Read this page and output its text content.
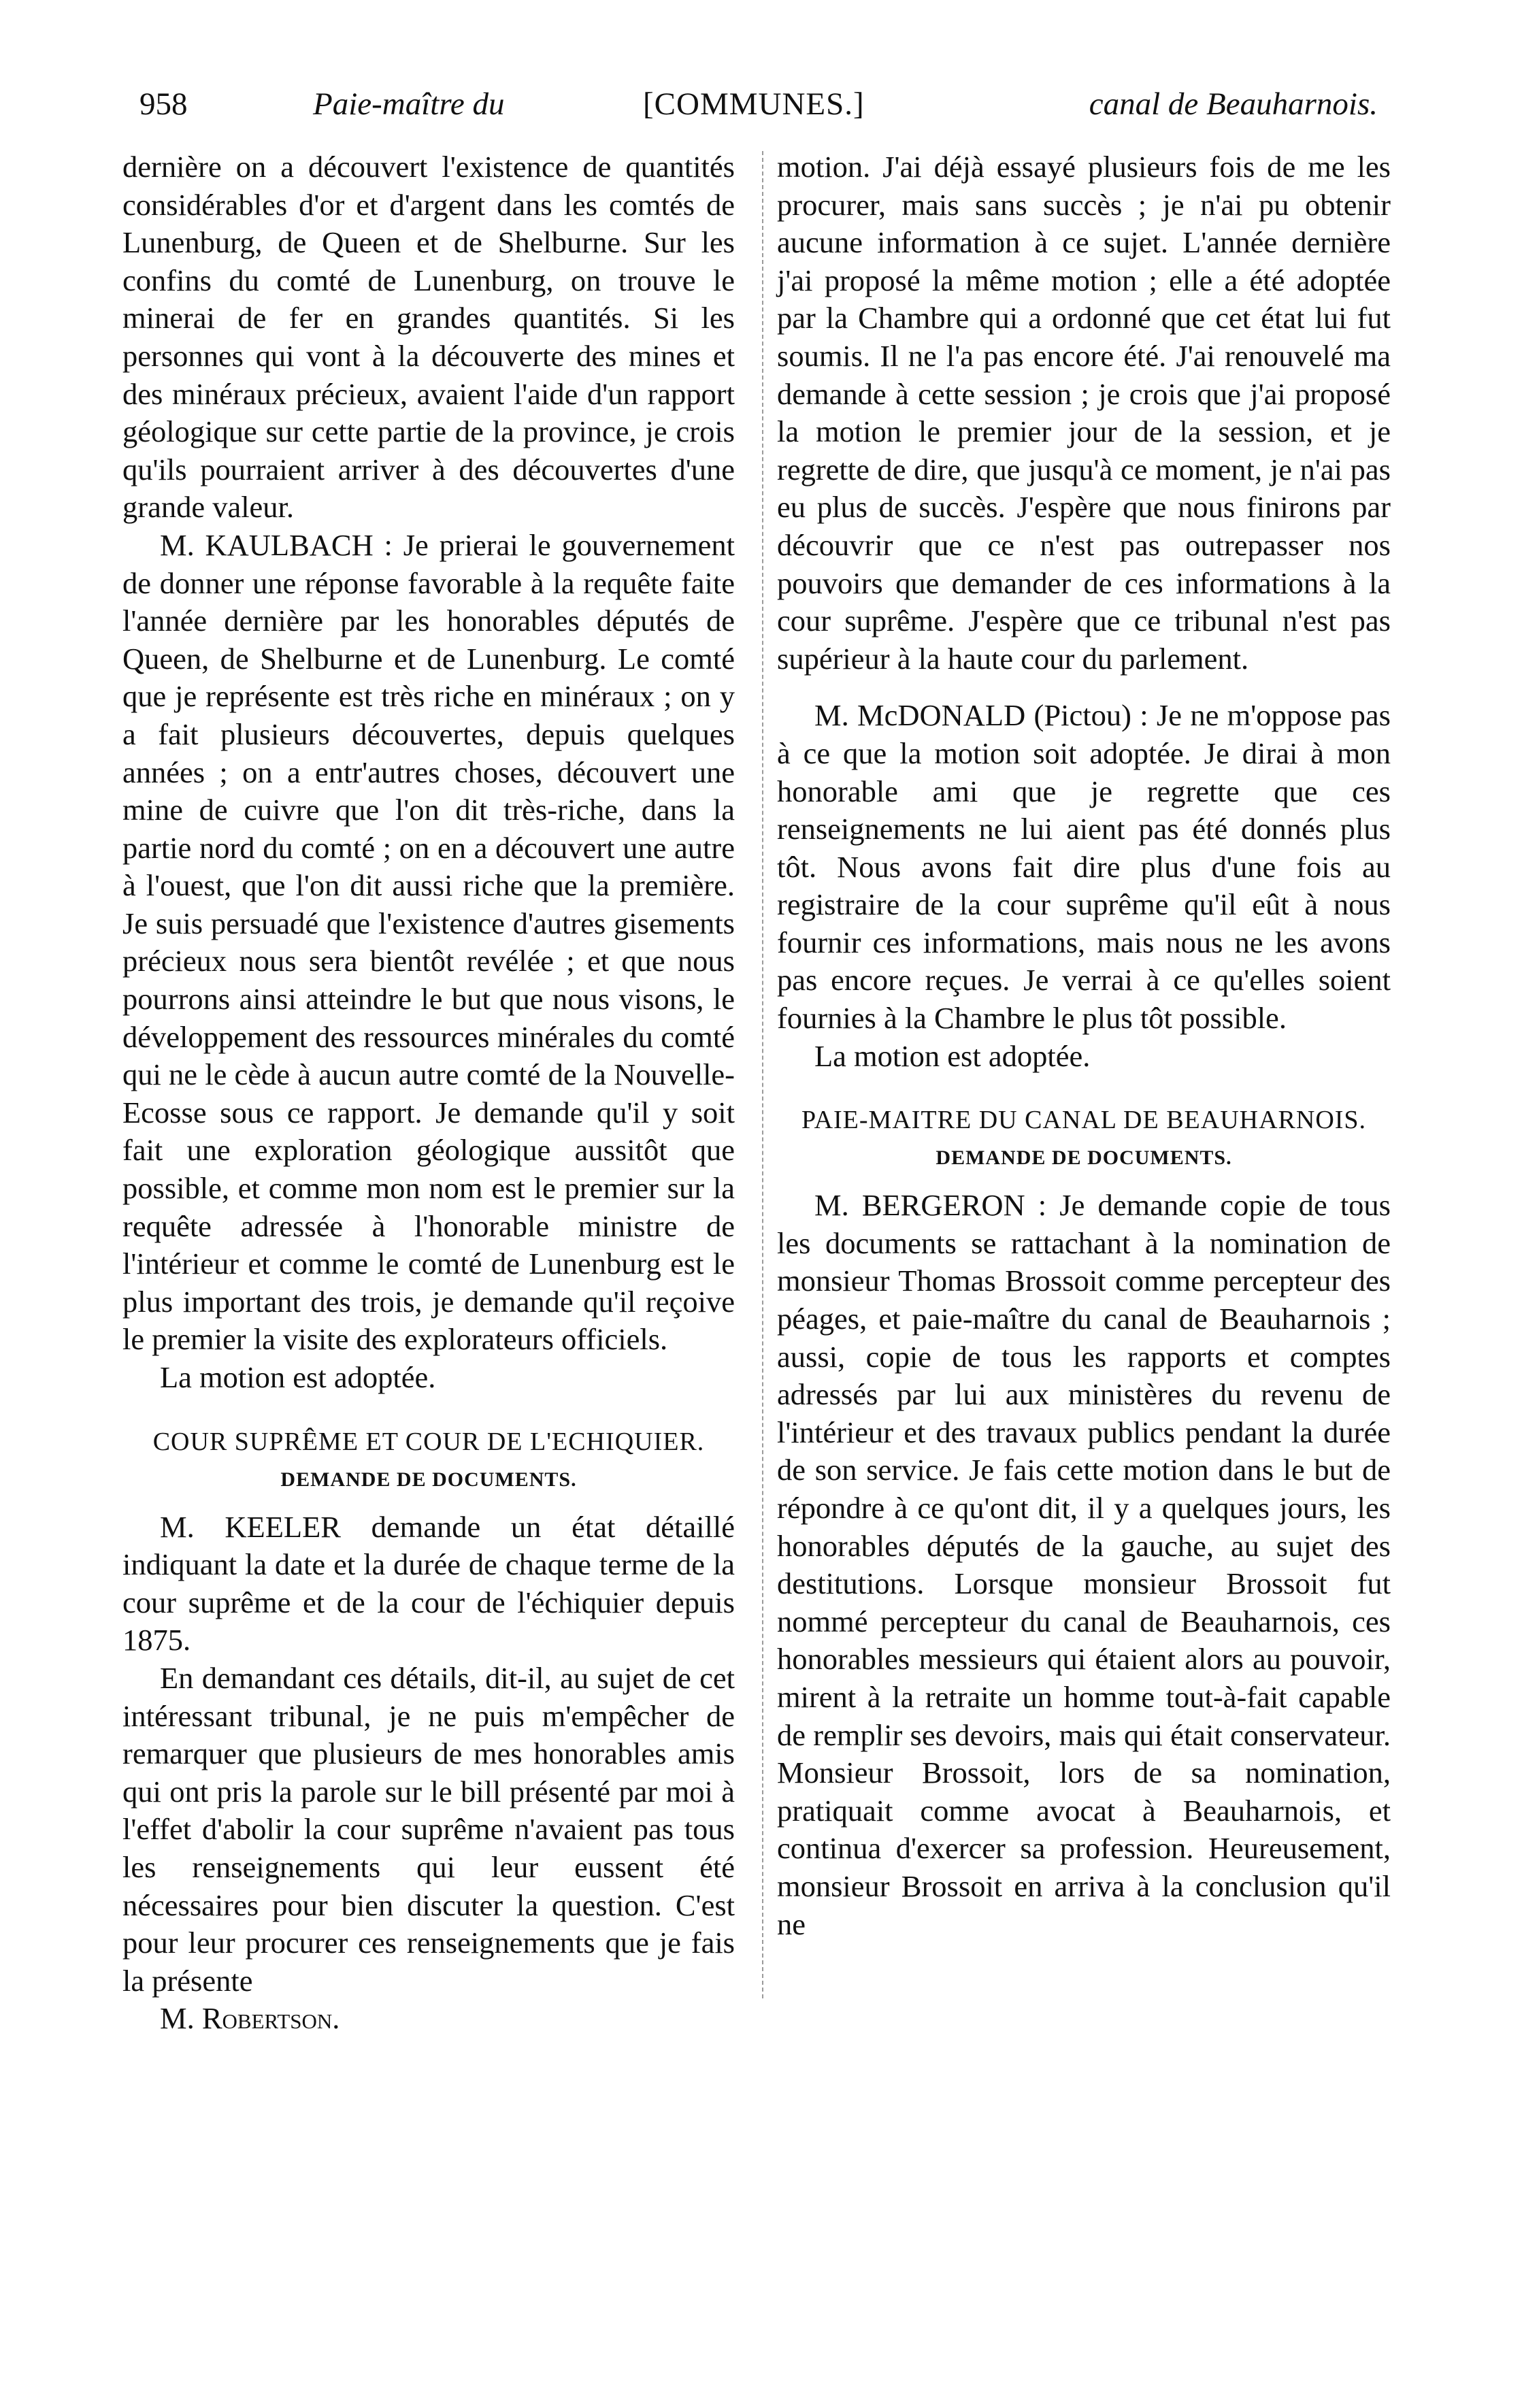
958	Paie-maître du	[COMMUNES.]	canal de Beauharnois.

dernière on a découvert l'existence de quantités considérables d'or et d'argent dans les comtés de Lunenburg, de Queen et de Shelburne. Sur les confins du comté de Lunenburg, on trouve le minerai de fer en grandes quantités. Si les personnes qui vont à la découverte des mines et des minéraux précieux, avaient l'aide d'un rapport géologique sur cette partie de la province, je crois qu'ils pourraient arriver à des découvertes d'une grande valeur.

M. KAULBACH : Je prierai le gouvernement de donner une réponse favorable à la requête faite l'année dernière par les honorables députés de Queen, de Shelburne et de Lunenburg. Le comté que je représente est très riche en minéraux ; on y a fait plusieurs découvertes, depuis quelques années ; on a entr'autres choses, découvert une mine de cuivre que l'on dit très-riche, dans la partie nord du comté ; on en a découvert une autre à l'ouest, que l'on dit aussi riche que la première. Je suis persuadé que l'existence d'autres gisements précieux nous sera bientôt revélée ; et que nous pourrons ainsi atteindre le but que nous visons, le développement des ressources minérales du comté qui ne le cède à aucun autre comté de la Nouvelle-Ecosse sous ce rapport. Je demande qu'il y soit fait une exploration géologique aussitôt que possible, et comme mon nom est le premier sur la requête adressée à l'honorable ministre de l'intérieur et comme le comté de Lunenburg est le plus important des trois, je demande qu'il reçoive le premier la visite des explorateurs officiels.

La motion est adoptée.

COUR SUPRÊME ET COUR DE L'ECHIQUIER.
DEMANDE DE DOCUMENTS.

M. KEELER demande un état détaillé indiquant la date et la durée de chaque terme de la cour suprême et de la cour de l'échiquier depuis 1875.

En demandant ces détails, dit-il, au sujet de cet intéressant tribunal, je ne puis m'empêcher de remarquer que plusieurs de mes honorables amis qui ont pris la parole sur le bill présenté par moi à l'effet d'abolir la cour suprême n'avaient pas tous les renseignements qui leur eussent été nécessaires pour bien discuter la question. C'est pour leur procurer ces renseignements que je fais la présente

M. Robertson.

motion. J'ai déjà essayé plusieurs fois de me les procurer, mais sans succès ; je n'ai pu obtenir aucune information à ce sujet. L'année dernière j'ai proposé la même motion ; elle a été adoptée par la Chambre qui a ordonné que cet état lui fut soumis. Il ne l'a pas encore été. J'ai renouvelé ma demande à cette session ; je crois que j'ai proposé la motion le premier jour de la session, et je regrette de dire, que jusqu'à ce moment, je n'ai pas eu plus de succès. J'espère que nous finirons par découvrir que ce n'est pas outrepasser nos pouvoirs que demander de ces informations à la cour suprême. J'espère que ce tribunal n'est pas supérieur à la haute cour du parlement.

M. McDONALD (Pictou) : Je ne m'oppose pas à ce que la motion soit adoptée. Je dirai à mon honorable ami que je regrette que ces renseignements ne lui aient pas été donnés plus tôt. Nous avons fait dire plus d'une fois au registraire de la cour suprême qu'il eût à nous fournir ces informations, mais nous ne les avons pas encore reçues. Je verrai à ce qu'elles soient fournies à la Chambre le plus tôt possible.

La motion est adoptée.

PAIE-MAITRE DU CANAL DE BEAUHARNOIS.
DEMANDE DE DOCUMENTS.

M. BERGERON : Je demande copie de tous les documents se rattachant à la nomination de monsieur Thomas Brossoit comme percepteur des péages, et paie-maître du canal de Beauharnois ; aussi, copie de tous les rapports et comptes adressés par lui aux ministères du revenu de l'intérieur et des travaux publics pendant la durée de son service. Je fais cette motion dans le but de répondre à ce qu'ont dit, il y a quelques jours, les honorables députés de la gauche, au sujet des destitutions. Lorsque monsieur Brossoit fut nommé percepteur du canal de Beauharnois, ces honorables messieurs qui étaient alors au pouvoir, mirent à la retraite un homme tout-à-fait capable de remplir ses devoirs, mais qui était conservateur. Monsieur Brossoit, lors de sa nomination, pratiquait comme avocat à Beauharnois, et continua d'exercer sa profession. Heureusement, monsieur Brossoit en arriva à la conclusion qu'il ne
